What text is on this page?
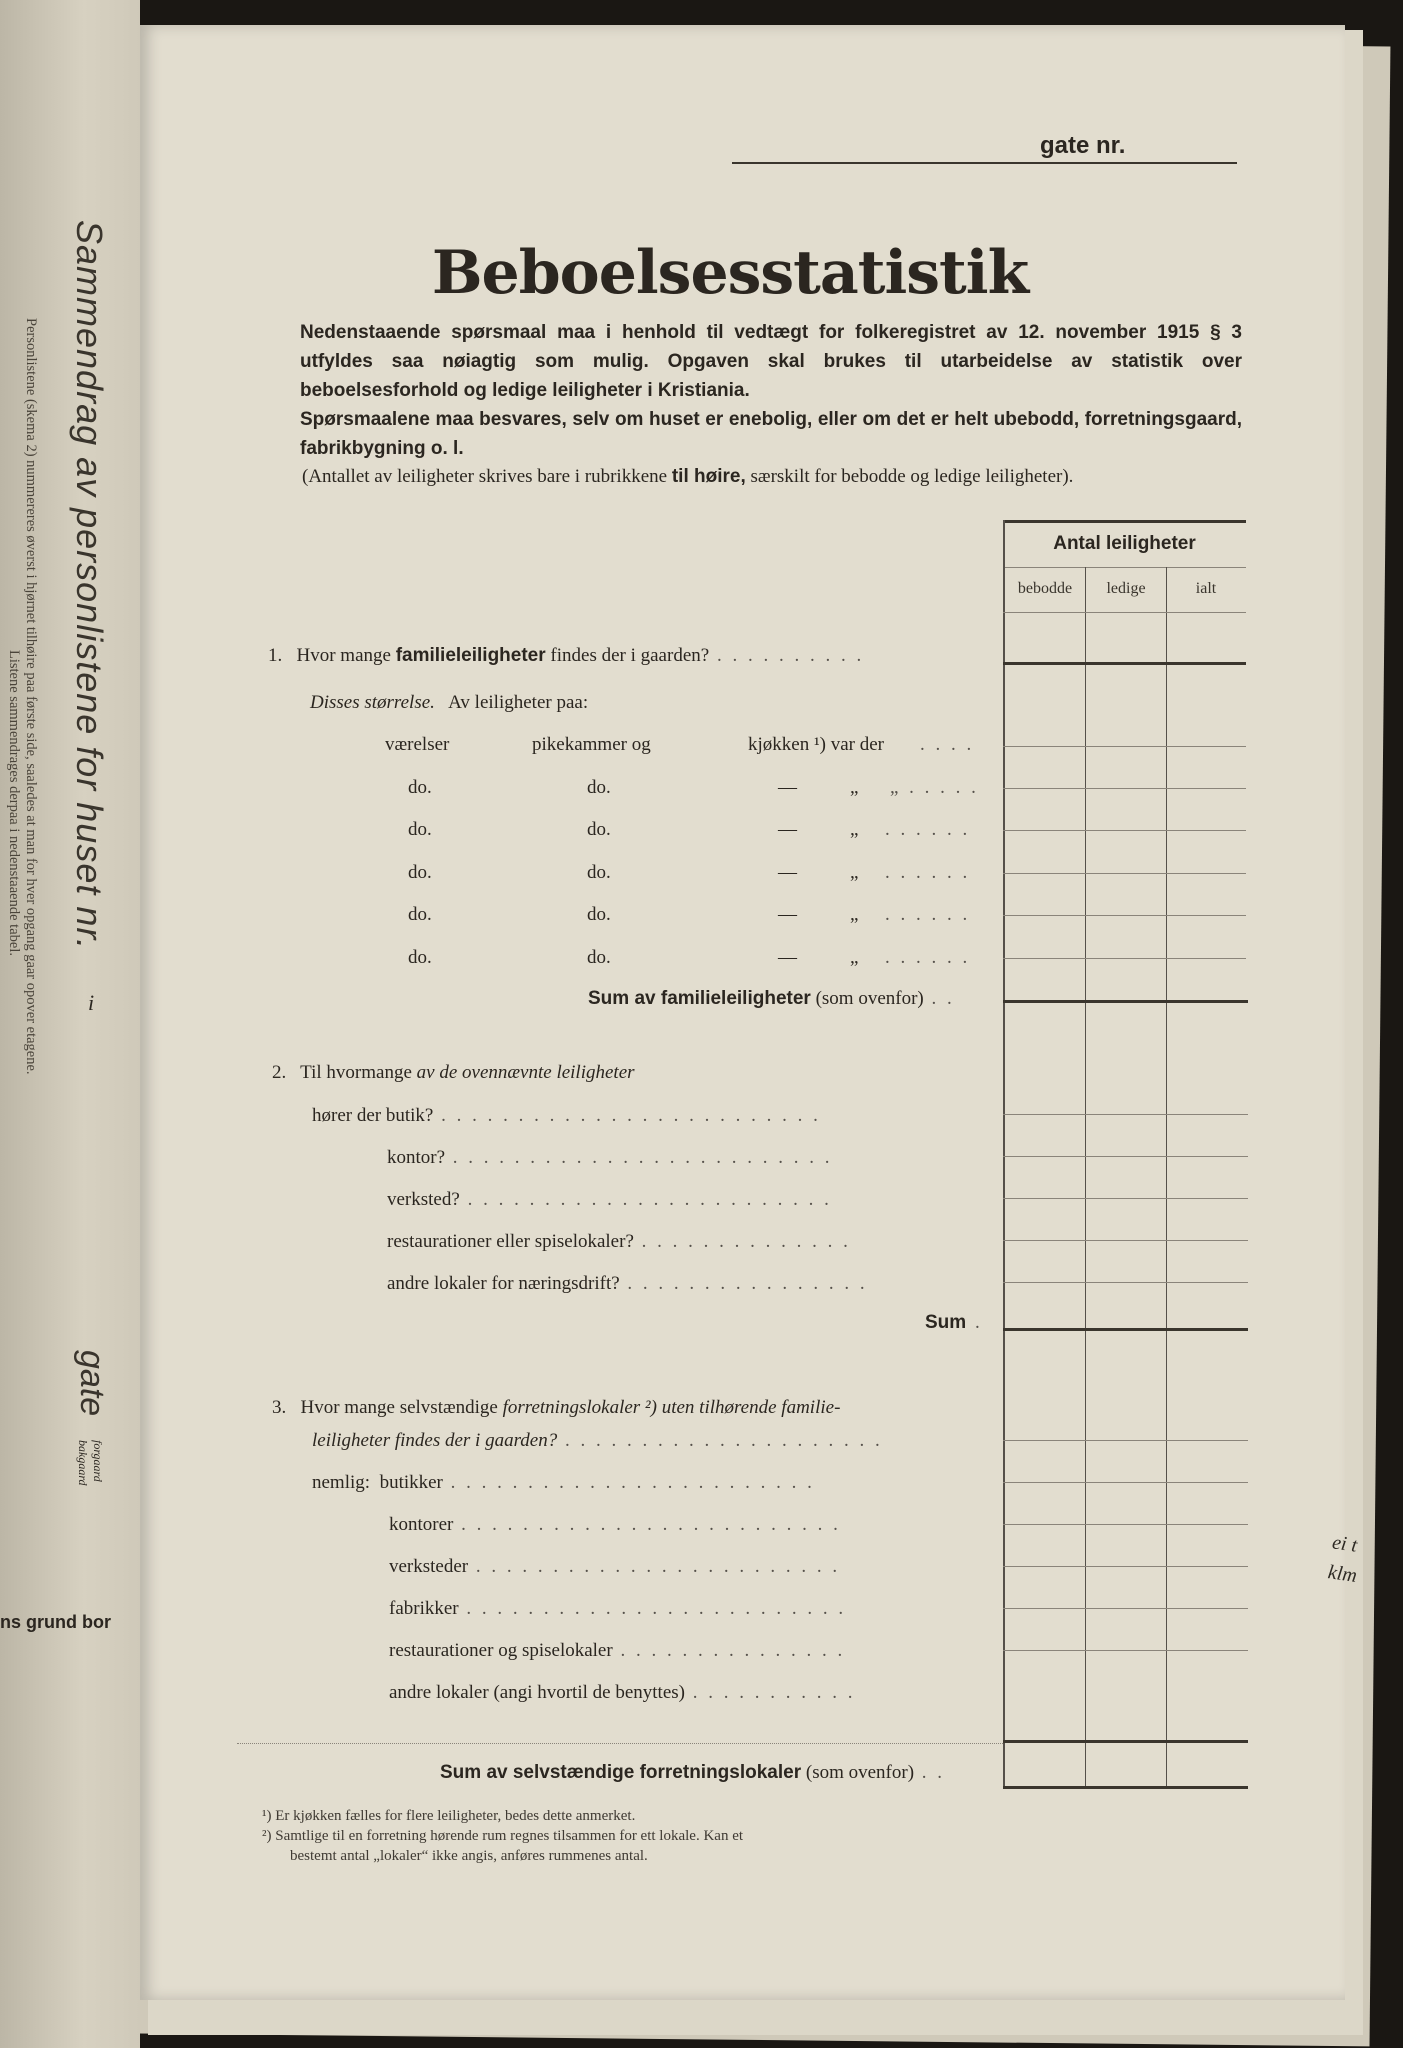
Sammendrag av personlistene for huset nr.
Personlistene (skema 2) nummereres øverst i hjørnet tilhøire paa første side, saaledes at man for hver opgang gaar opover etagene.
Listene sammendrages derpaa i nedenstaaende tabel.
i
gate
forgaard
bakgaard
ns grund bor
gate nr.
Beboelsesstatistik
Nedenstaaende spørsmaal maa i henhold til vedtægt for folkeregistret av 12. november 1915 § 3 utfyldes saa nøiagtig som mulig. Opgaven skal brukes til utarbeidelse av statistik over beboelsesforhold og ledige leiligheter i Kristiania.
Spørsmaalene maa besvares, selv om huset er enebolig, eller om det er helt ubebodd, forretningsgaard, fabrikbygning o. l.
(Antallet av leiligheter skrives bare i rubrikkene til høire, særskilt for bebodde og ledige leiligheter).
Antal leiligheter
bebodde	ledige	ialt
1. Hvor mange familieleiligheter findes der i gaarden? . . . . . . . . . .
Disses størrelse. Av leiligheter paa:
værelser	pikekammer og	kjøkken ¹) var der . . . .
do.	do.	—	„ „ . . . . .
do.	do.	—	„ . . . . . .
do.	do.	—	„ . . . . . .
do.	do.	—	„ . . . . . .
do.	do.	—	„ . . . . . .
Sum av familieleiligheter (som ovenfor) . .
2. Til hvormange av de ovennævnte leiligheter
hører der butik? . . . . . . . . . . . . . . . . . . . . . . . . .
kontor? . . . . . . . . . . . . . . . . . . . . . . . . .
verksted? . . . . . . . . . . . . . . . . . . . . . . . .
restaurationer eller spiselokaler? . . . . . . . . . . . . . .
andre lokaler for næringsdrift? . . . . . . . . . . . . . . . .
Sum .
3. Hvor mange selvstændige forretningslokaler ²) uten tilhørende familie-
leiligheter findes der i gaarden? . . . . . . . . . . . . . . . . . . . . .
nemlig: butikker . . . . . . . . . . . . . . . . . . . . . . . .
kontorer . . . . . . . . . . . . . . . . . . . . . . . . .
verksteder . . . . . . . . . . . . . . . . . . . . . . . .
fabrikker . . . . . . . . . . . . . . . . . . . . . . . . .
restaurationer og spiselokaler . . . . . . . . . . . . . . .
andre lokaler (angi hvortil de benyttes) . . . . . . . . . . .
Sum av selvstændige forretningslokaler (som ovenfor) . .
¹) Er kjøkken fælles for flere leiligheter, bedes dette anmerket.
²) Samtlige til en forretning hørende rum regnes tilsammen for ett lokale. Kan et
bestemt antal „lokaler“ ikke angis, anføres rummenes antal.
ei t klm
